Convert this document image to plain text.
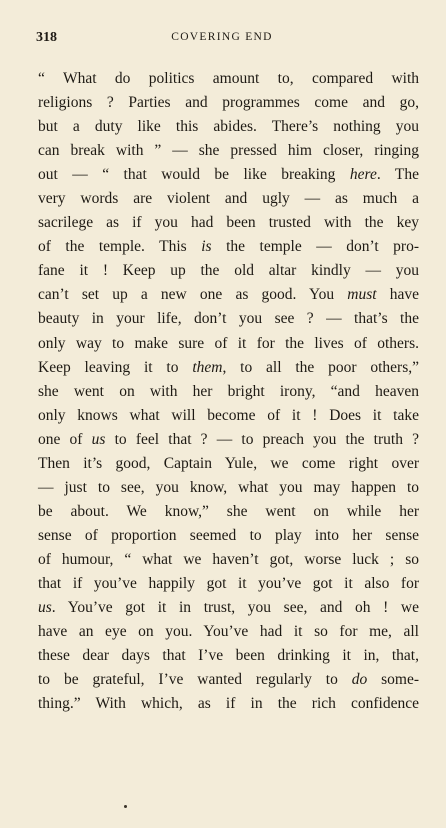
318	COVERING END
“ What do politics amount to, compared with
religions ? Parties and programmes come and go,
but a duty like this abides. There’s nothing you
can break with ” — she pressed him closer, ringing
out — “ that would be like breaking here. The
very words are violent and ugly — as much a
sacrilege as if you had been trusted with the key
of the temple. This is the temple — don’t pro-
fane it ! Keep up the old altar kindly — you
can’t set up a new one as good. You must have
beauty in your life, don’t you see ? — that’s the
only way to make sure of it for the lives of others.
Keep leaving it to them, to all the poor others,”
she went on with her bright irony, “and heaven
only knows what will become of it ! Does it take
one of us to feel that ? — to preach you the truth ?
Then it’s good, Captain Yule, we come right over
— just to see, you know, what you may happen to
be about. We know,” she went on while her
sense of proportion seemed to play into her sense
of humour, “ what we haven’t got, worse luck ; so
that if you’ve happily got it you’ve got it also for
us. You’ve got it in trust, you see, and oh ! we
have an eye on you. You’ve had it so for me, all
these dear days that I’ve been drinking it in, that,
to be grateful, I’ve wanted regularly to do some-
thing.” With which, as if in the rich confidence
